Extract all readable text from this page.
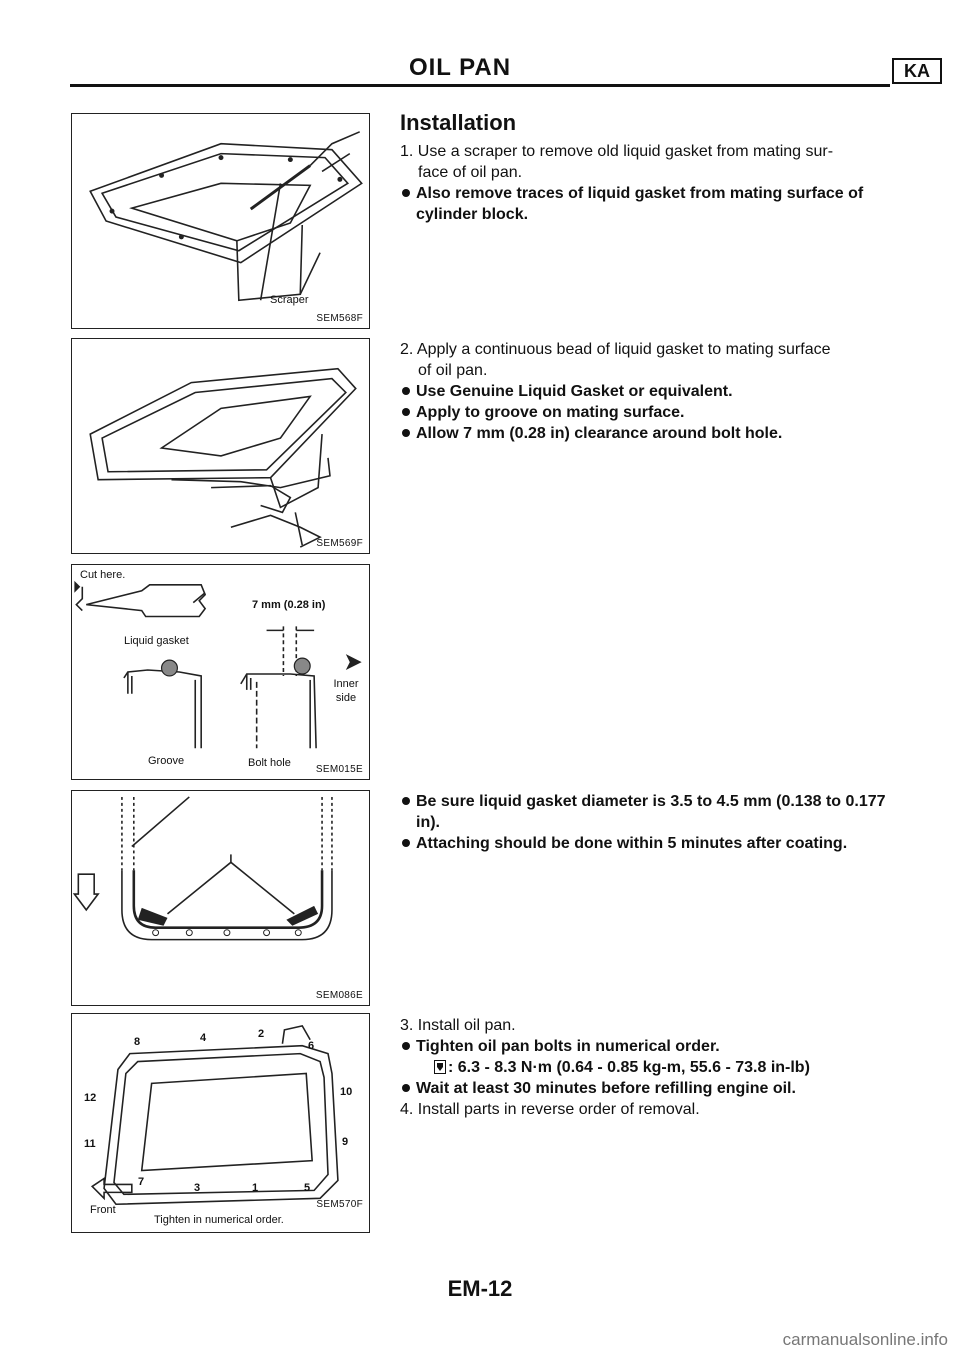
OIL PAN	KA
Scraper
SEM568F
SEM569F
Cut here.
Liquid gasket
7 mm (0.28 in)
Inner side
Groove	Bolt hole
SEM015E
SEM086E
8	4	2
6
12	10
11	9
7	3	1	5
Front
Tighten in numerical order.
SEM570F

Installation

1. Use a scraper to remove old liquid gasket from mating sur-

face of oil pan.

Also remove traces of liquid gasket from mating surface of cylinder block.

2. Apply a continuous bead of liquid gasket to mating surface

of oil pan.

Use Genuine Liquid Gasket or equivalent.

Apply to groove on mating surface.

Allow 7 mm (0.28 in) clearance around bolt hole.

Be sure liquid gasket diameter is 3.5 to 4.5 mm (0.138 to 0.177 in).

Attaching should be done within 5 minutes after coating.

3. Install oil pan.

Tighten oil pan bolts in numerical order.

: 6.3 - 8.3 N·m (0.64 - 0.85 kg-m, 55.6 - 73.8 in-lb)

Wait at least 30 minutes before refilling engine oil.

4. Install parts in reverse order of removal.

EM-12
carmanualsonline.info
